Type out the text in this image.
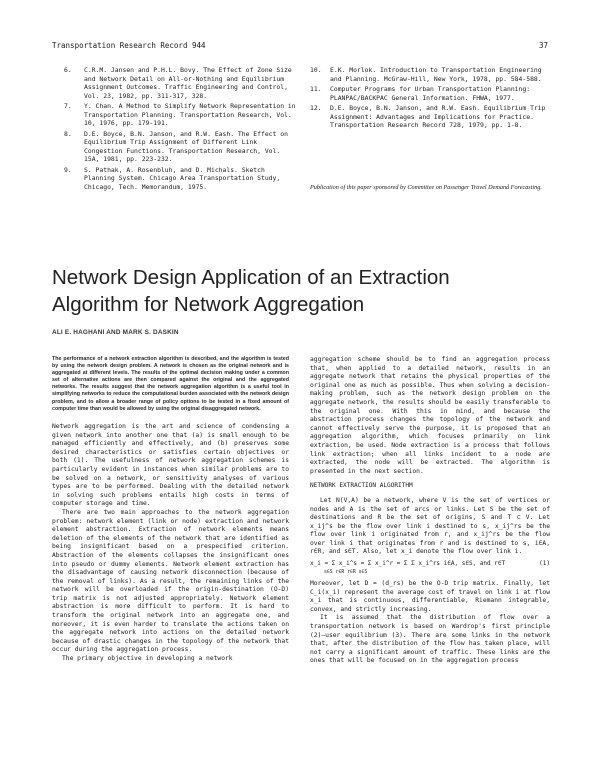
Transportation Research Record 944	37
6. C.R.M. Jansen and P.H.L. Bovy. The Effect of Zone Size and Network Detail on All-or-Nothing and Equilibrium Assignment Outcomes. Traffic Engineering and Control, Vol. 23, 1982, pp. 311-317, 328.
7. Y. Chan. A Method to Simplify Network Representation in Transportation Planning. Transportation Research, Vol. 10, 1976, pp. 179-191.
8. D.E. Boyce, B.N. Janson, and R.W. Eash. The Effect on Equilibrium Trip Assignment of Different Link Congestion Functions. Transportation Research, Vol. 15A, 1981, pp. 223-232.
9. S. Pathak, A. Rosenbluh, and D. Michals. Sketch Planning System. Chicago Area Transportation Study, Chicago, Tech. Memorandum, 1975.
10. E.K. Morlok. Introduction to Transportation Engineering and Planning. McGraw-Hill, New York, 1978, pp. 584-588.
11. Computer Programs for Urban Transportation Planning: PLANPAC/BACKPAC General Information. FHWA, 1977.
12. D.E. Boyce, B.N. Janson, and R.W. Eash. Equilibrium Trip Assignment: Advantages and Implications for Practice. Transportation Research Record 728, 1979, pp. 1-8.
Publication of this paper sponsored by Committee on Passenger Travel Demand Forecasting.
Network Design Application of an Extraction
Algorithm for Network Aggregation
ALI E. HAGHANI AND MARK S. DASKIN
The performance of a network extraction algorithm is described, and the algorithm is tested by using the network design problem. A network is chosen as the original network and is aggregated at different levels. The results of the optimal decision making under a common set of alternative actions are then compared against the original and the aggregated networks. The results suggest that the network aggregation algorithm is a useful tool in simplifying networks to reduce the computational burden associated with the network design problem, and to allow a broader range of policy options to be tested in a fixed amount of computer time than would be allowed by using the original disaggregated network.

Network aggregation is the art and science of condensing a given network into another one that (a) is small enough to be managed efficiently and effectively, and (b) preserves some desired characteristics or satisfies certain objectives or both (1). The usefulness of network aggregation schemes is particularly evident in instances when similar problems are to be solved on a network, or sensitivity analyses of various types are to be performed. Dealing with the detailed network in solving such problems entails high costs in terms of computer storage and time.

There are two main approaches to the network aggregation problem: network element (link or node) extraction and network element abstraction. Extraction of network elements means deletion of the elements of the network that are identified as being insignificant based on a prespecified criterion. Abstraction of the elements collapses the insignificant ones into pseudo or dummy elements. Network element extraction has the disadvantage of causing network disconnection (because of the removal of links). As a result, the remaining links of the network will be overloaded if the origin-destination (O-D) trip matrix is not adjusted appropriately. Network element abstraction is more difficult to perform. It is hard to transform the original network into an aggregate one, and moreover, it is even harder to translate the actions taken on the aggregate network into actions on the detailed network because of drastic changes in the topology of the network that occur during the aggregation process.

The primary objective in developing a network

aggregation scheme should be to find an aggregation process that, when applied to a detailed network, results in an aggregate network that retains the physical properties of the original one as much as possible. Thus when solving a decision-making problem, such as the network design problem on the aggregate network, the results should be easily transferable to the original one. With this in mind, and because the abstraction process changes the topology of the network and cannot effectively serve the purpose, it is proposed that an aggregation algorithm, which focuses primarily on link extraction, be used. Node extraction is a process that follows link extraction; when all links incident to a node are extracted, the node will be extracted. The algorithm is presented in the next section.

NETWORK EXTRACTION ALGORITHM

Let N(V,A) be a network, where V is the set of vertices or nodes and A is the set of arcs or links. Let S be the set of destinations and R be the set of origins, S and T ⊂ V. Let x_ij^s be the flow over link i destined to s, x_ij^rs be the flow over link i originated from r, and x_ij^rs be the flow over link i that originates from r and is destined to s, i∈A, r∈R, and s∈T. Also, let x_i denote the flow over link i.

x_i = Σ x_i^s = Σ x_i^r = Σ Σ x_i^rs i∈A, s∈S, and r∈T
s∈S r∈R r∈R s∈S
(1)

Moreover, let D = (d_rs) be the O-D trip matrix. Finally, let C_i(x_i) represent the average cost of travel on link i at flow x_i that is continuous, differentiable, Riemann integrable, convex, and strictly increasing.

It is assumed that the distribution of flow over a transportation network is based on Wardrop's first principle (2)—user equilibrium (3). There are some links in the network that, after the distribution of the flow has taken place, will not carry a significant amount of traffic. These links are the ones that will be focused on in the aggregation process
